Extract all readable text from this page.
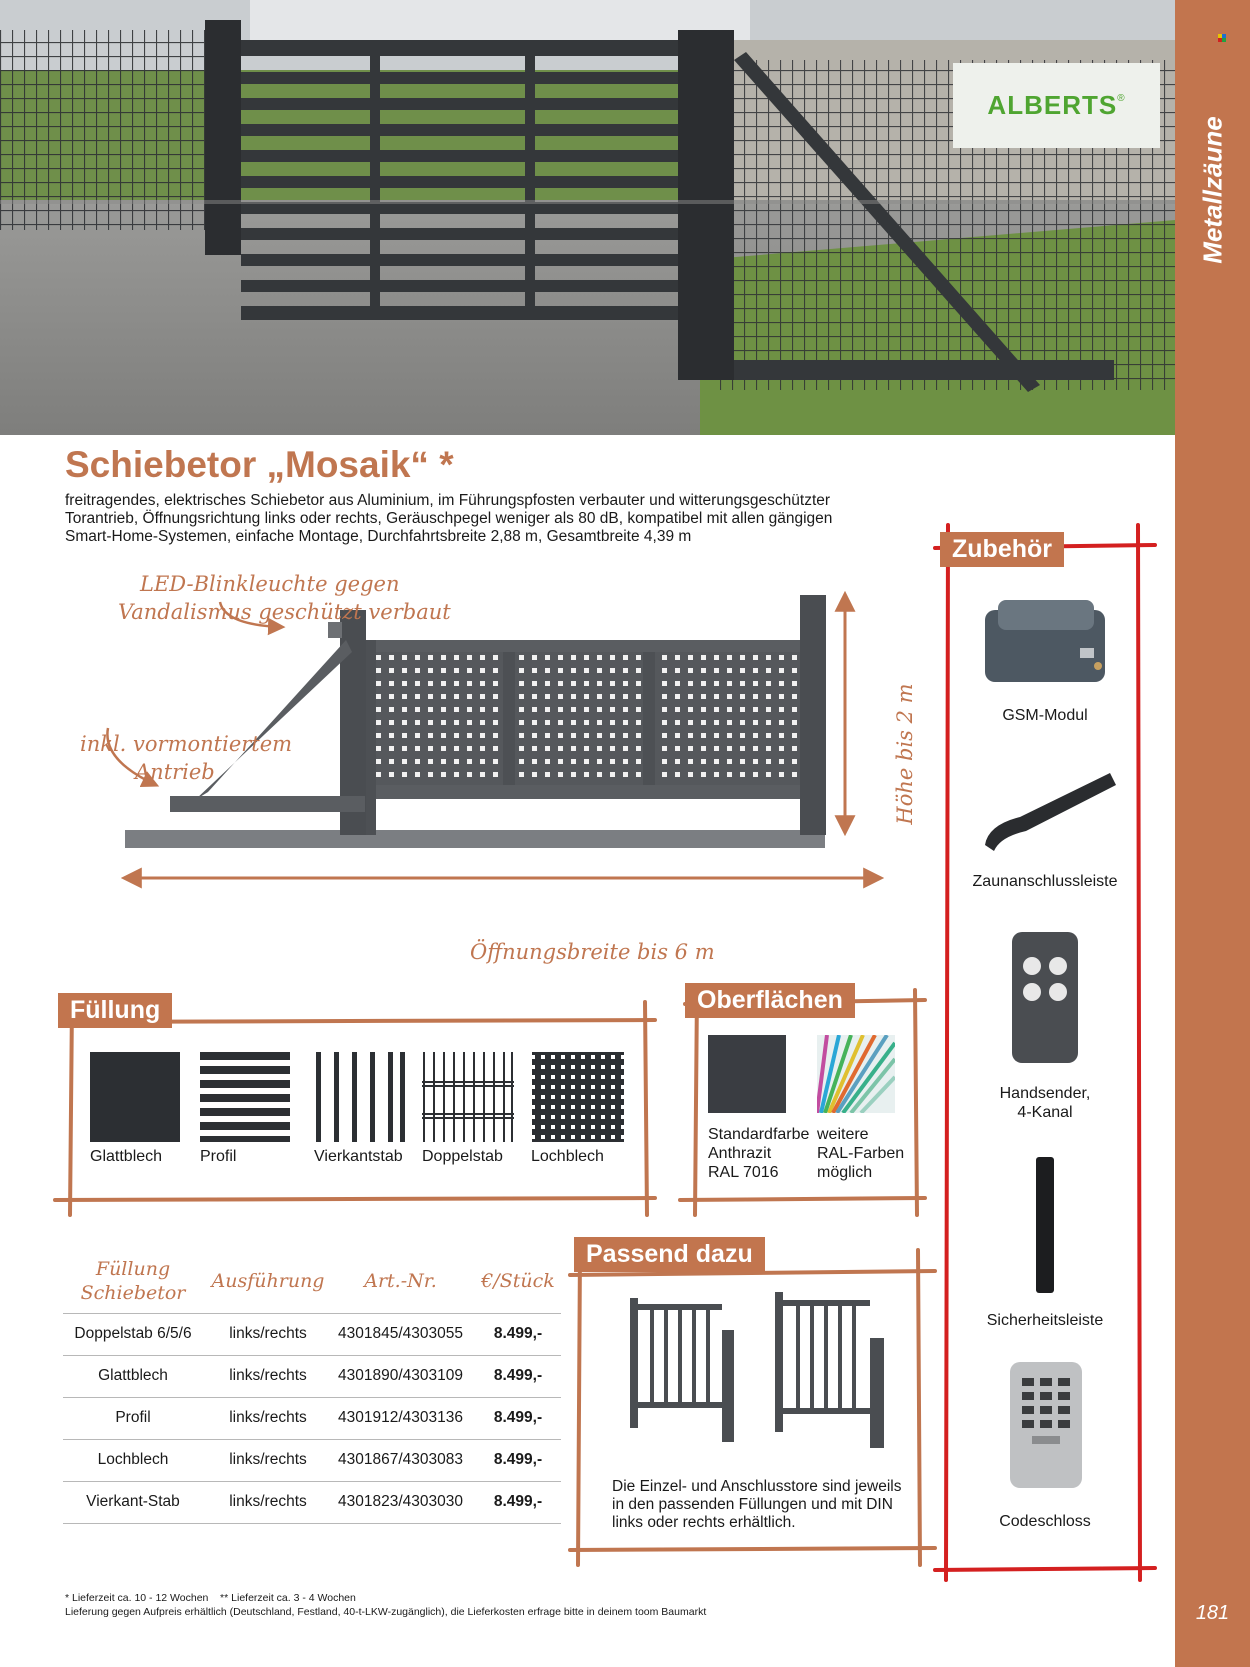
Metallzäune
181
ALBERTS ®
Schiebetor „Mosaik“ *
freitragendes, elektrisches Schiebetor aus Aluminium, im Führungspfosten verbauter und witterungsgeschützter Torantrieb, Öffnungsrichtung links oder rechts, Geräuschpegel weniger als 80 dB, kompatibel mit allen gängigen Smart-Home-Systemen, einfache Montage, Durchfahrtsbreite 2,88 m, Gesamtbreite 4,39 m
LED-Blinkleuchte gegen
Vandalismus geschützt verbaut
inkl. vormontiertem
Antrieb	Höhe bis 2 m
Öffnungsbreite bis 6 m
Füllung
Glattblech Profil	Vierkantstab Doppelstab Lochblech
Oberflächen
Standardfarbe
Anthrazit
RAL 7016
weitere
RAL-Farben
möglich
Zubehör
GSM-Modul
Zaunanschlussleiste
Handsender,
4-Kanal
Sicherheitsleiste
Codeschloss
Passend dazu
Die Einzel- und Anschlusstore sind jeweils
in den passenden Füllungen und mit DIN
links oder rechts erhältlich.
Füllung
Schiebetor
Ausführung	Art.-Nr.	€/Stück
Doppelstab 6/5/6	links/rechts	4301845/4303055	8.499,-
Glattblech	links/rechts	4301890/4303109	8.499,-
Profil	links/rechts	4301912/4303136	8.499,-
Lochblech	links/rechts	4301867/4303083	8.499,-
Vierkant-Stab	links/rechts	4301823/4303030	8.499,-
* Lieferzeit ca. 10 - 12 Wochen    ** Lieferzeit ca. 3 - 4 Wochen
Lieferung gegen Aufpreis erhältlich (Deutschland, Festland, 40-t-LKW-zugänglich), die Lieferkosten erfrage bitte in deinem toom Baumarkt
